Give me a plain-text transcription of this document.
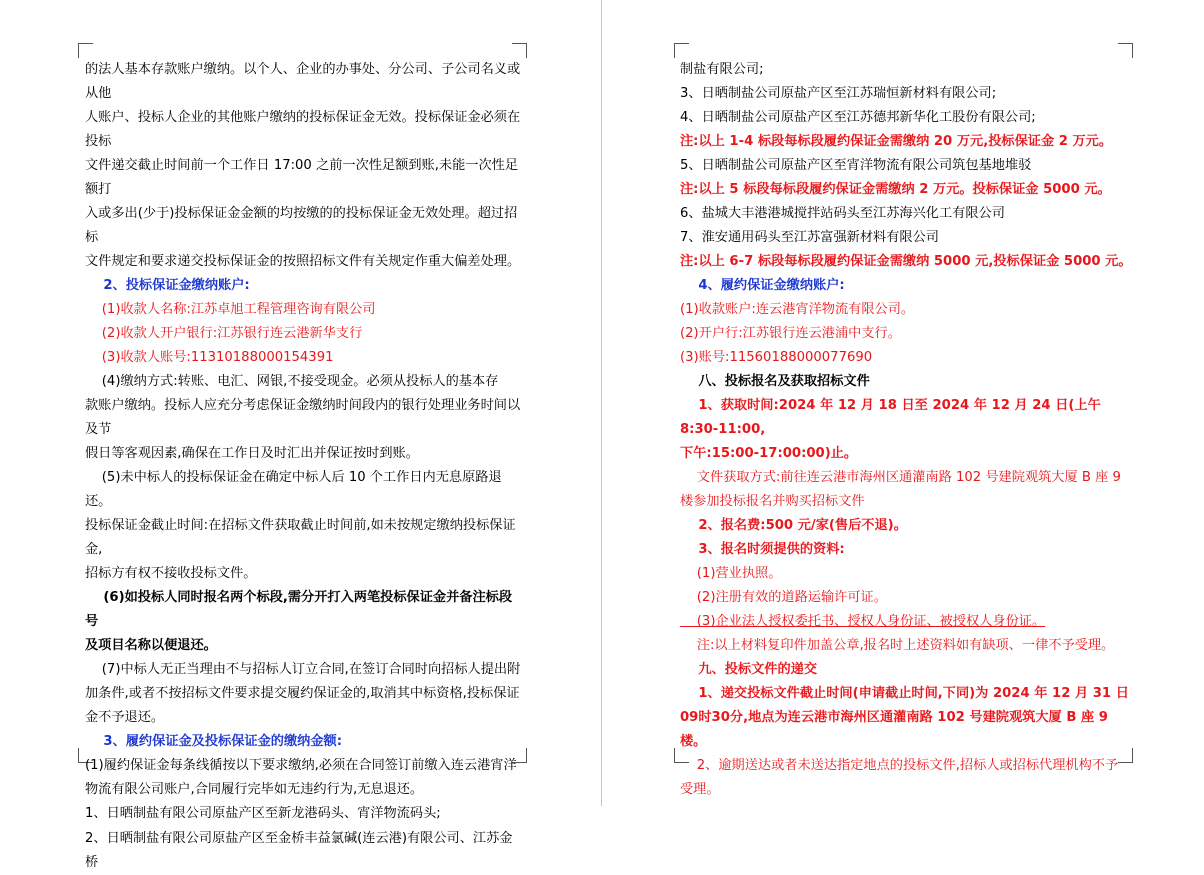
的法人基本存款账户缴纳。以个人、企业的办事处、分公司、子公司名义或从他

人账户、投标人企业的其他账户缴纳的投标保证金无效。投标保证金必须在投标

文件递交截止时间前一个工作日 17:00 之前一次性足额到账,未能一次性足额打

入或多出(少于)投标保证金金额的均按缴的的投标保证金无效处理。超过招标

文件规定和要求递交投标保证金的按照招标文件有关规定作重大偏差处理。

2、投标保证金缴纳账户:

(1)收款人名称:江苏卓旭工程管理咨询有限公司

(2)收款人开户银行:江苏银行连云港新华支行

(3)收款人账号:11310188000154391

(4)缴纳方式:转账、电汇、网银,不接受现金。必须从投标人的基本存

款账户缴纳。投标人应充分考虑保证金缴纳时间段内的银行处理业务时间以及节

假日等客观因素,确保在工作日及时汇出并保证按时到账。

(5)未中标人的投标保证金在确定中标人后 10 个工作日内无息原路退还。

投标保证金截止时间:在招标文件获取截止时间前,如未按规定缴纳投标保证金,

招标方有权不接收投标文件。

(6)如投标人同时报名两个标段,需分开打入两笔投标保证金并备注标段号

及项目名称以便退还。

(7)中标人无正当理由不与招标人订立合同,在签订合同时向招标人提出附

加条件,或者不按招标文件要求提交履约保证金的,取消其中标资格,投标保证

金不予退还。

3、履约保证金及投标保证金的缴纳金额:

(1)履约保证金每条线循按以下要求缴纳,必须在合同签订前缴入连云港宵洋

物流有限公司账户,合同履行完毕如无违约行为,无息退还。

1、日晒制盐有限公司原盐产区至新龙港码头、宵洋物流码头;

2、日晒制盐有限公司原盐产区至金桥丰益氯碱(连云港)有限公司、江苏金桥

制盐有限公司;

3、日晒制盐公司原盐产区至江苏瑞恒新材料有限公司;

4、日晒制盐公司原盐产区至江苏德邦新华化工股份有限公司;

注:以上 1-4 标段每标段履约保证金需缴纳 20 万元,投标保证金 2 万元。

5、日晒制盐公司原盐产区至宵洋物流有限公司筑包基地堆驳

注:以上 5 标段每标段履约保证金需缴纳 2 万元。投标保证金 5000 元。

6、盐城大丰港港城搅拌站码头至江苏海兴化工有限公司

7、淮安通用码头至江苏富强新材料有限公司

注:以上 6-7 标段每标段履约保证金需缴纳 5000 元,投标保证金 5000 元。

4、履约保证金缴纳账户:

(1)收款账户:连云港宵洋物流有限公司。

(2)开户行:江苏银行连云港浦中支行。

(3)账号:11560188000077690

八、投标报名及获取招标文件

1、获取时间:2024 年 12 月 18 日至 2024 年 12 月 24 日(上午 8:30-11:00,

下午:15:00-17:00:00)止。

文件获取方式:前往连云港市海州区通灌南路 102 号建院观筑大厦 B 座 9

楼参加投标报名并购买招标文件

2、报名费:500 元/家(售后不退)。

3、报名时须提供的资料:

(1)营业执照。

(2)注册有效的道路运输许可证。

(3)企业法人授权委托书、授权人身份证、被授权人身份证。

注:以上材料复印件加盖公章,报名时上述资料如有缺项、一律不予受理。

九、投标文件的递交

1、递交投标文件截止时间(申请截止时间,下同)为 2024 年 12 月 31 日

09时30分,地点为连云港市海州区通灌南路 102 号建院观筑大厦 B 座 9 楼。

2、逾期送达或者未送达指定地点的投标文件,招标人或招标代理机构不予

受理。
